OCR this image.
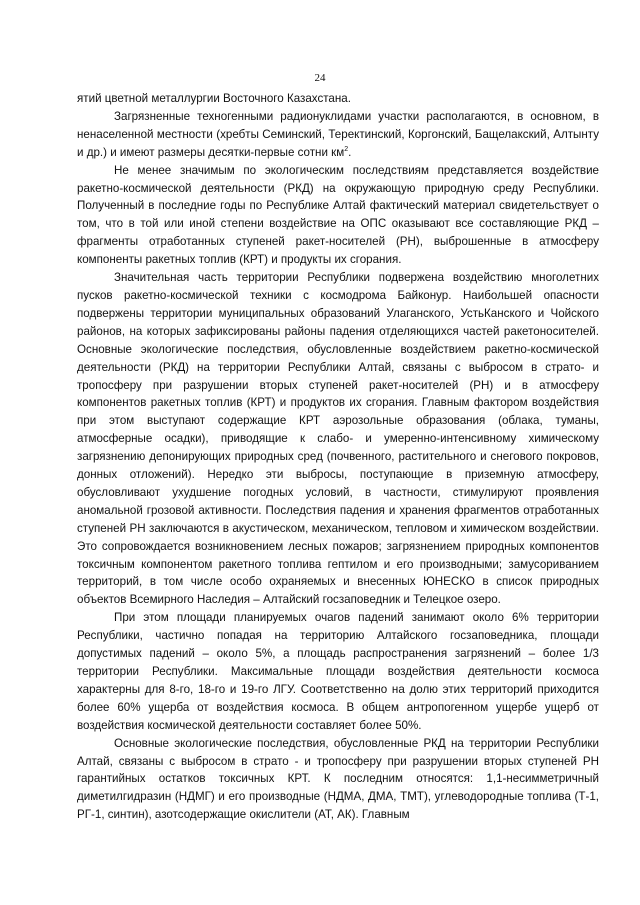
24

ятий цветной металлургии Восточного Казахстана.

Загрязненные техногенными радионуклидами участки располагаются, в основном, в ненаселенной местности (хребты Семинский, Теректинский, Коргонский, Бащелакский, Алтынту и др.) и имеют размеры десятки-первые сотни $км^2$.

Не менее значимым по экологическим последствиям представляется воздействие ракетно-космической деятельности (РКД) на окружающую природную среду Республики. Полученный в последние годы по Республике Алтай фактический материал свидетельствует о том, что в той или иной степени воздействие на ОПС оказывают все составляющие РКД – фрагменты отработанных ступеней ракет-носителей (РН), выброшенные в атмосферу компоненты ракетных топлив (КРТ) и продукты их сгорания.

Значительная часть территории Республики подвержена воздействию многолетних пусков ракетно-космической техники с космодрома Байконур. Наибольшей опасности подвержены территории муниципальных образований Улаганского, УстьКанского и Чойского районов, на которых зафиксированы районы падения отделяющихся частей ракетоносителей. Основные экологические последствия, обусловленные воздействием ракетно-космической деятельности (РКД) на территории Республики Алтай, связаны с выбросом в страто- и тропосферу при разрушении вторых ступеней ракет-носителей (РН) и в атмосферу компонентов ракетных топлив (КРТ) и продуктов их сгорания. Главным фактором воздействия при этом выступают содержащие КРТ аэрозольные образования (облака, туманы, атмосферные осадки), приводящие к слабо- и умеренно-интенсивному химическому загрязнению депонирующих природных сред (почвенного, растительного и снегового покровов, донных отложений). Нередко эти выбросы, поступающие в приземную атмосферу, обусловливают ухудшение погодных условий, в частности, стимулируют проявления аномальной грозовой активности. Последствия падения и хранения фрагментов отработанных ступеней РН заключаются в акустическом, механическом, тепловом и химическом воздействии. Это сопровождается возникновением лесных пожаров; загрязнением природных компонентов токсичным компонентом ракетного топлива гептилом и его производными; замусориванием территорий, в том числе особо охраняемых и внесенных ЮНЕСКО в список природных объектов Всемирного Наследия – Алтайский госзаповедник и Телецкое озеро.

При этом площади планируемых очагов падений занимают около 6% территории Республики, частично попадая на территорию Алтайского госзаповедника, площади допустимых падений – около 5%, а площадь распространения загрязнений – более 1/3 территории Республики. Максимальные площади воздействия деятельности космоса характерны для 8-го, 18-го и 19-го ЛГУ. Соответственно на долю этих территорий приходится более 60% ущерба от воздействия космоса. В общем антропогенном ущербе ущерб от воздействия космической деятельности составляет более 50%.

Основные экологические последствия, обусловленные РКД на территории Республики Алтай, связаны с выбросом в страто - и тропосферу при разрушении вторых ступеней РН гарантийных остатков токсичных КРТ. К последним относятся: 1,1-несимметричный диметилгидразин (НДМГ) и его производные (НДМА, ДМА, ТМТ), углеводородные топлива (Т-1, РГ-1, синтин), азотсодержащие окислители (АТ, АК). Главным
